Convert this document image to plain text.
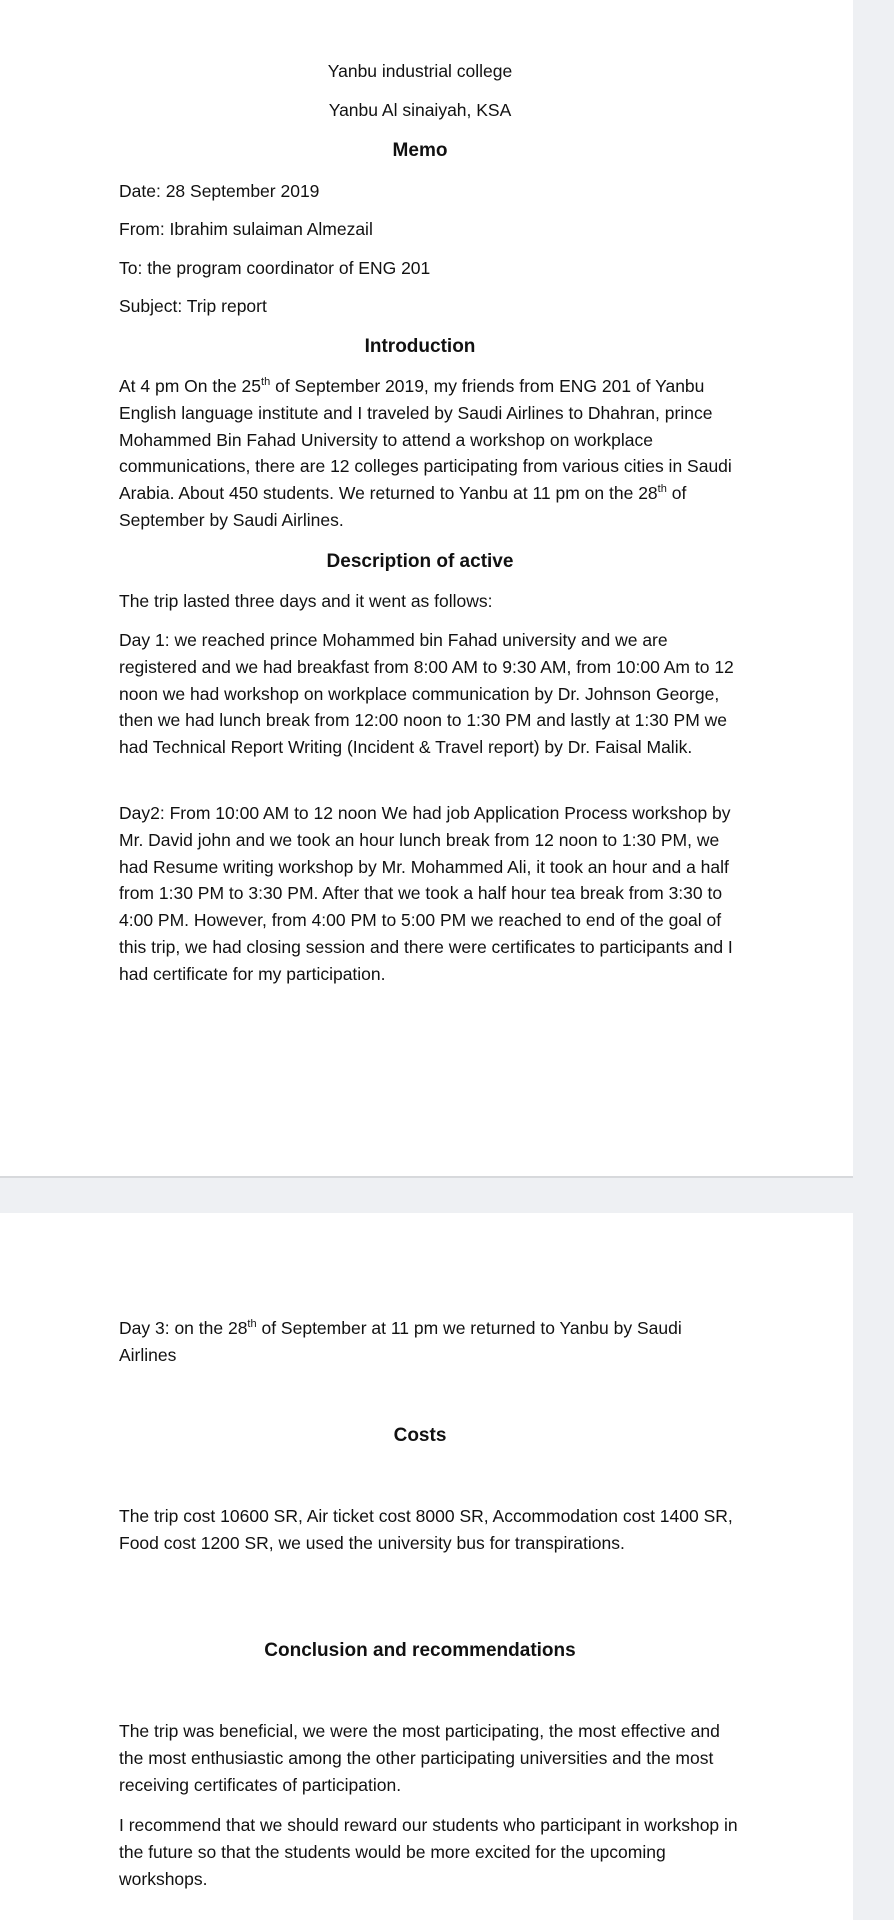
Yanbu industrial college

Yanbu Al sinaiyah, KSA

Memo

Date: 28 September 2019

From: Ibrahim sulaiman Almezail

To: the program coordinator of ENG 201

Subject: Trip report

Introduction

At 4 pm On the 25th of September 2019, my friends from ENG 201 of Yanbu English language institute and I traveled by Saudi Airlines to Dhahran, prince Mohammed Bin Fahad University to attend a workshop on workplace communications, there are 12 colleges participating from various cities in Saudi Arabia. About 450 students. We returned to Yanbu at 11 pm on the 28th of September by Saudi Airlines.

Description of active

The trip lasted three days and it went as follows:

Day 1: we reached prince Mohammed bin Fahad university and we are registered and we had breakfast from 8:00 AM to 9:30 AM, from 10:00 Am to 12 noon we had workshop on workplace communication by Dr. Johnson George, then we had lunch break from 12:00 noon to 1:30 PM and lastly at 1:30 PM we had Technical Report Writing (Incident & Travel report) by Dr. Faisal Malik.

Day2: From 10:00 AM to 12 noon We had job Application Process workshop by Mr. David john and we took an hour lunch break from 12 noon to 1:30 PM, we had Resume writing workshop by Mr. Mohammed Ali, it took an hour and a half from 1:30 PM to 3:30 PM. After that we took a half hour tea break from 3:30 to 4:00 PM. However, from 4:00 PM to 5:00 PM we reached to end of the goal of this trip, we had closing session and there were certificates to participants and I had certificate for my participation.

Day 3: on the 28th of September at 11 pm we returned to Yanbu by Saudi Airlines

Costs

The trip cost 10600 SR, Air ticket cost 8000 SR, Accommodation cost 1400 SR, Food cost 1200 SR, we used the university bus for transpirations.

Conclusion and recommendations

The trip was beneficial, we were the most participating, the most effective and the most enthusiastic among the other participating universities and the most receiving certificates of participation.

I recommend that we should reward our students who participant in workshop in the future so that the students would be more excited for the upcoming workshops.
